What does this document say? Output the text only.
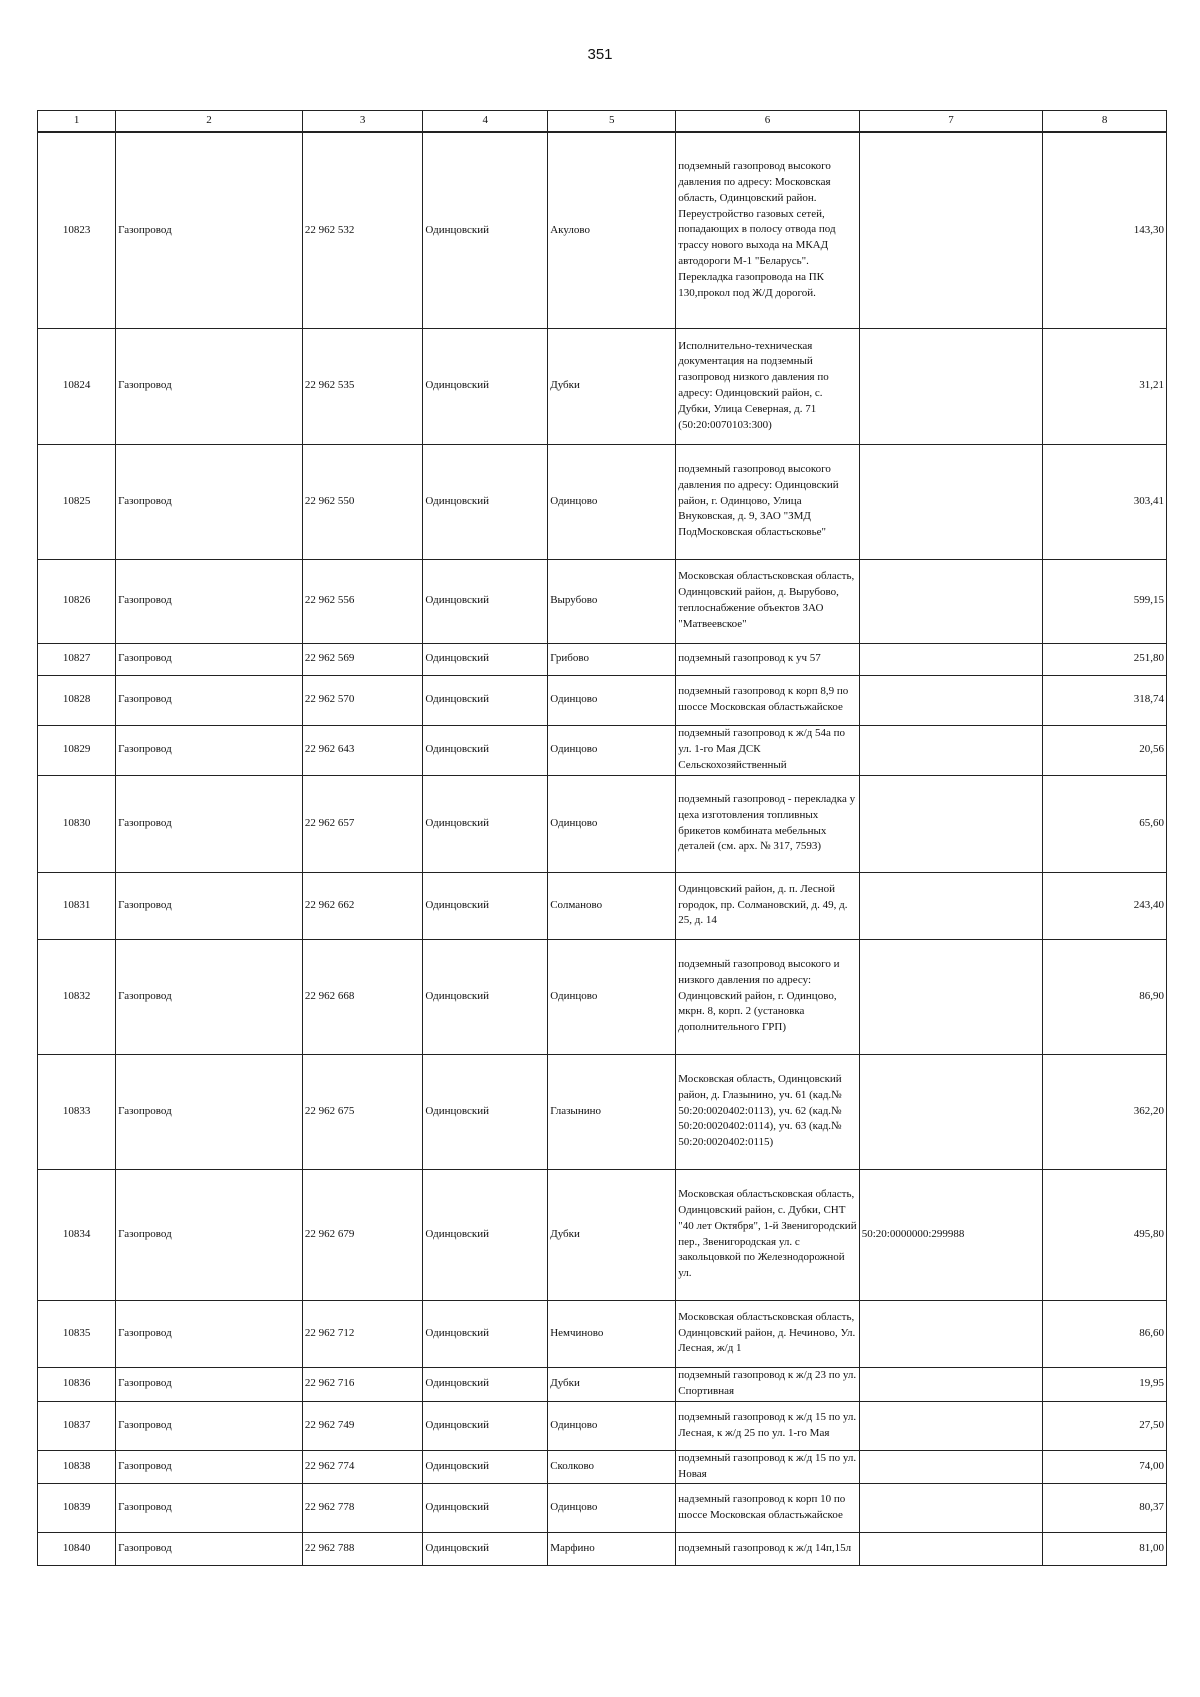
351
1	2	3	4	5	6	7	8
10823	Газопровод	22 962 532	Одинцовский	Акулово	подземный газопровод высокого давления по адресу: Московская область, Одинцовский район. Переустройство газовых сетей, попадающих в полосу отвода под трассу нового выхода на МКАД автодороги М-1 "Беларусь". Перекладка газопровода на ПК 130,прокол под Ж/Д дорогой.		143,30
10824	Газопровод	22 962 535	Одинцовский	Дубки	Исполнительно-техническая документация на подземный газопровод низкого давления по адресу: Одинцовский район, с. Дубки, Улица Северная, д. 71 (50:20:0070103:300)		31,21
10825	Газопровод	22 962 550	Одинцовский	Одинцово	подземный газопровод высокого давления по адресу: Одинцовский район, г. Одинцово, Улица Внуковская, д. 9, ЗАО "ЗМД ПодМосковская областьсковье"		303,41
10826	Газопровод	22 962 556	Одинцовский	Вырубово	Московская областьсковская область, Одинцовский район, д. Вырубово, теплоснабжение объектов ЗАО "Матвеевское"		599,15
10827	Газопровод	22 962 569	Одинцовский	Грибово	подземный газопровод к уч 57		251,80
10828	Газопровод	22 962 570	Одинцовский	Одинцово	подземный газопровод к корп 8,9 по шоссе Московская областьжайское		318,74
10829	Газопровод	22 962 643	Одинцовский	Одинцово	подземный газопровод к ж/д 54а по ул. 1-го Мая ДСК Сельскохозяйственный		20,56
10830	Газопровод	22 962 657	Одинцовский	Одинцово	подземный газопровод - перекладка у цеха изготовления топливных брикетов комбината мебельных деталей (см. арх. № 317, 7593)		65,60
10831	Газопровод	22 962 662	Одинцовский	Солманово	Одинцовский район, д. п. Лесной городок, пр. Солмановский, д. 49, д. 25, д. 14		243,40
10832	Газопровод	22 962 668	Одинцовский	Одинцово	подземный газопровод высокого и низкого давления по адресу: Одинцовский район, г. Одинцово, мкрн. 8, корп. 2 (установка дополнительного ГРП)		86,90
10833	Газопровод	22 962 675	Одинцовский	Глазынино	Московская область, Одинцовский район, д. Глазынино, уч. 61 (кад.№ 50:20:0020402:0113), уч. 62 (кад.№ 50:20:0020402:0114), уч. 63 (кад.№ 50:20:0020402:0115)		362,20
10834	Газопровод	22 962 679	Одинцовский	Дубки	Московская областьсковская область, Одинцовский район, с. Дубки, СНТ "40 лет Октября", 1-й Звенигородский пер., Звенигородская ул. с закольцовкой по Железнодорожной ул.	50:20:0000000:299988	495,80
10835	Газопровод	22 962 712	Одинцовский	Немчиново	Московская областьсковская область, Одинцовский район, д. Нечиново, Ул. Лесная, ж/д 1		86,60
10836	Газопровод	22 962 716	Одинцовский	Дубки	подземный газопровод к ж/д 23 по ул. Спортивная		19,95
10837	Газопровод	22 962 749	Одинцовский	Одинцово	подземный газопровод к ж/д 15 по ул. Лесная, к ж/д 25 по ул. 1-го Мая		27,50
10838	Газопровод	22 962 774	Одинцовский	Сколково	подземный газопровод к ж/д 15 по ул. Новая		74,00
10839	Газопровод	22 962 778	Одинцовский	Одинцово	надземный газопровод к корп 10 по шоссе Московская областьжайское		80,37
10840	Газопровод	22 962 788	Одинцовский	Марфино	подземный газопровод к ж/д 14п,15л		81,00
